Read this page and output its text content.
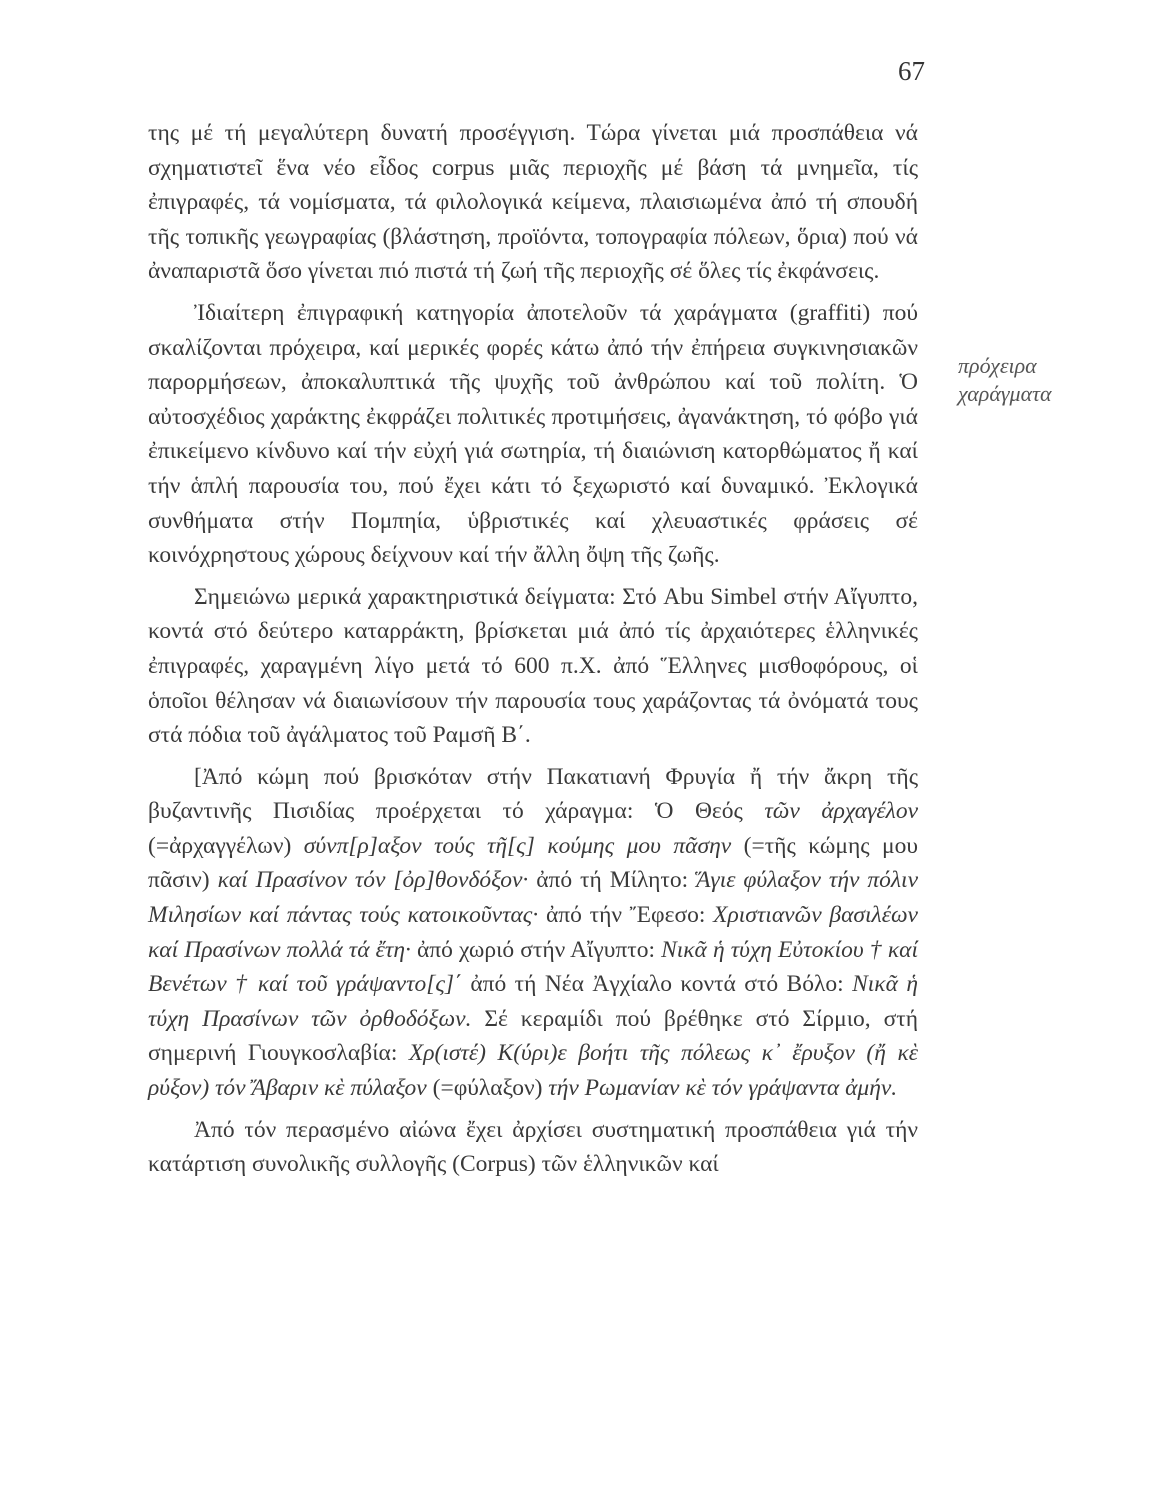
67
πρόχειρα
χαράγματα

της μέ τή μεγαλύτερη δυνατή προσέγγιση. Τώρα γίνεται μιά προσπάθεια νά σχηματιστεῖ ἕνα νέο εἶδος corpus μιᾶς περιοχῆς μέ βάση τά μνημεῖα, τίς ἐπιγραφές, τά νομίσματα, τά φιλολογικά κείμενα, πλαισιωμένα ἀπό τή σπουδή τῆς τοπικῆς γεωγραφίας (βλάστηση, προϊόντα, τοπογραφία πόλεων, ὅρια) πού νά ἀναπαριστᾶ ὅσο γίνεται πιό πιστά τή ζωή τῆς περιοχῆς σέ ὅλες τίς ἐκφάνσεις.

Ἰδιαίτερη ἐπιγραφική κατηγορία ἀποτελοῦν τά χαράγματα (graffiti) πού σκαλίζονται πρόχειρα, καί μερικές φορές κάτω ἀπό τήν ἐπήρεια συγκινησιακῶν παρορμήσεων, ἀποκαλυπτικά τῆς ψυχῆς τοῦ ἀνθρώπου καί τοῦ πολίτη. Ὁ αὐτοσχέδιος χαράκτης ἐκφράζει πολιτικές προτιμήσεις, ἀγανάκτηση, τό φόβο γιά ἐπικείμενο κίνδυνο καί τήν εὐχή γιά σωτηρία, τή διαιώνιση κατορθώματος ἤ καί τήν ἁπλή παρουσία του, πού ἔχει κάτι τό ξεχωριστό καί δυναμικό. Ἐκλογικά συνθήματα στήν Πομπηία, ὑβριστικές καί χλευαστικές φράσεις σέ κοινόχρηστους χώρους δείχνουν καί τήν ἄλλη ὄψη τῆς ζωῆς.

Σημειώνω μερικά χαρακτηριστικά δείγματα: Στό Abu Simbel στήν Αἴγυπτο, κοντά στό δεύτερο καταρράκτη, βρίσκεται μιά ἀπό τίς ἀρχαιότερες ἑλληνικές ἐπιγραφές, χαραγμένη λίγο μετά τό 600 π.Χ. ἀπό Ἕλληνες μισθοφόρους, οἱ ὁποῖοι θέλησαν νά διαιωνίσουν τήν παρουσία τους χαράζοντας τά ὀνόματά τους στά πόδια τοῦ ἀγάλματος τοῦ Ραμσῆ Β΄.

[Ἀπό κώμη πού βρισκόταν στήν Πακατιανή Φρυγία ἤ τήν ἄκρη τῆς βυζαντινῆς Πισιδίας προέρχεται τό χάραγμα: Ὁ Θεός τῶν ἀρχαγέλον (=ἀρχαγγέλων) σύνπ[ρ]αξον τούς τῆ[ς] κούμης μου πᾶσην (=τῆς κώμης μου πᾶσιν) καί Πρασίνον τόν [ὀρ]θονδόξον· ἀπό τή Μίλητο: Ἅγιε φύλαξον τήν πόλιν Μιλησίων καί πάντας τούς κατοικοῦντας· ἀπό τήν Ἔφεσο: Χριστιανῶν βασιλέων καί Πρασίνων πολλά τά ἔτη· ἀπό χωριό στήν Αἴγυπτο: Νικᾶ ἡ τύχη Εὐτοκίου † καί Βενέτων † καί τοῦ γράψαντο[ς]΄ ἀπό τή Νέα Ἀγχίαλο κοντά στό Βόλο: Νικᾶ ἡ τύχη Πρασίνων τῶν ὀρθοδόξων. Σέ κεραμίδι πού βρέθηκε στό Σίρμιο, στή σημερινή Γιουγκοσλαβία: Χρ(ιστέ) Κ(ύρι)ε βοήτι τῆς πόλεως κ᾽ ἔρυξον (ἤ κὲ ρύξον) τόν Ἄβαριν κὲ πύλαξον (=φύλαξον) τήν Ρωμανίαν κὲ τόν γράψαντα ἀμήν.

Ἀπό τόν περασμένο αἰώνα ἔχει ἀρχίσει συστηματική προσπάθεια γιά τήν κατάρτιση συνολικῆς συλλογῆς (Corpus) τῶν ἑλληνικῶν καί
